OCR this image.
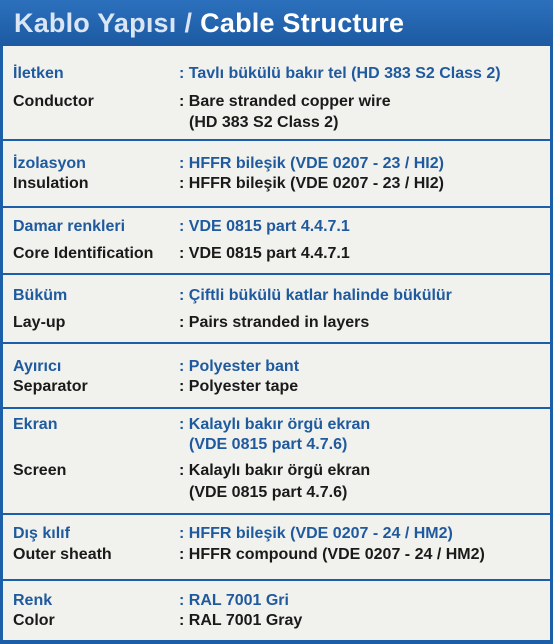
Kablo Yapısı / Cable Structure
İletken	: Tavlı bükülü bakır tel (HD 383 S2 Class 2)
Conductor	: Bare stranded copper wire
(HD 383 S2 Class 2)
İzolasyon	: HFFR bileşik (VDE 0207 - 23 / HI2)
Insulation	: HFFR bileşik (VDE 0207 - 23 / HI2)
Damar renkleri	: VDE 0815 part 4.4.7.1
Core Identification : VDE 0815 part 4.4.7.1
Büküm	: Çiftli bükülü katlar halinde bükülür
Lay-up	: Pairs stranded in layers
Ayırıcı	: Polyester bant
Separator	: Polyester tape
Ekran	: Kalaylı bakır örgü ekran
(VDE 0815 part 4.7.6)
Screen	: Kalaylı bakır örgü ekran
(VDE 0815 part 4.7.6)
Dış kılıf	: HFFR bileşik (VDE 0207 - 24 / HM2)
Outer sheath	: HFFR compound (VDE 0207 - 24 / HM2)
Renk	: RAL 7001 Gri
Color	: RAL 7001 Gray
